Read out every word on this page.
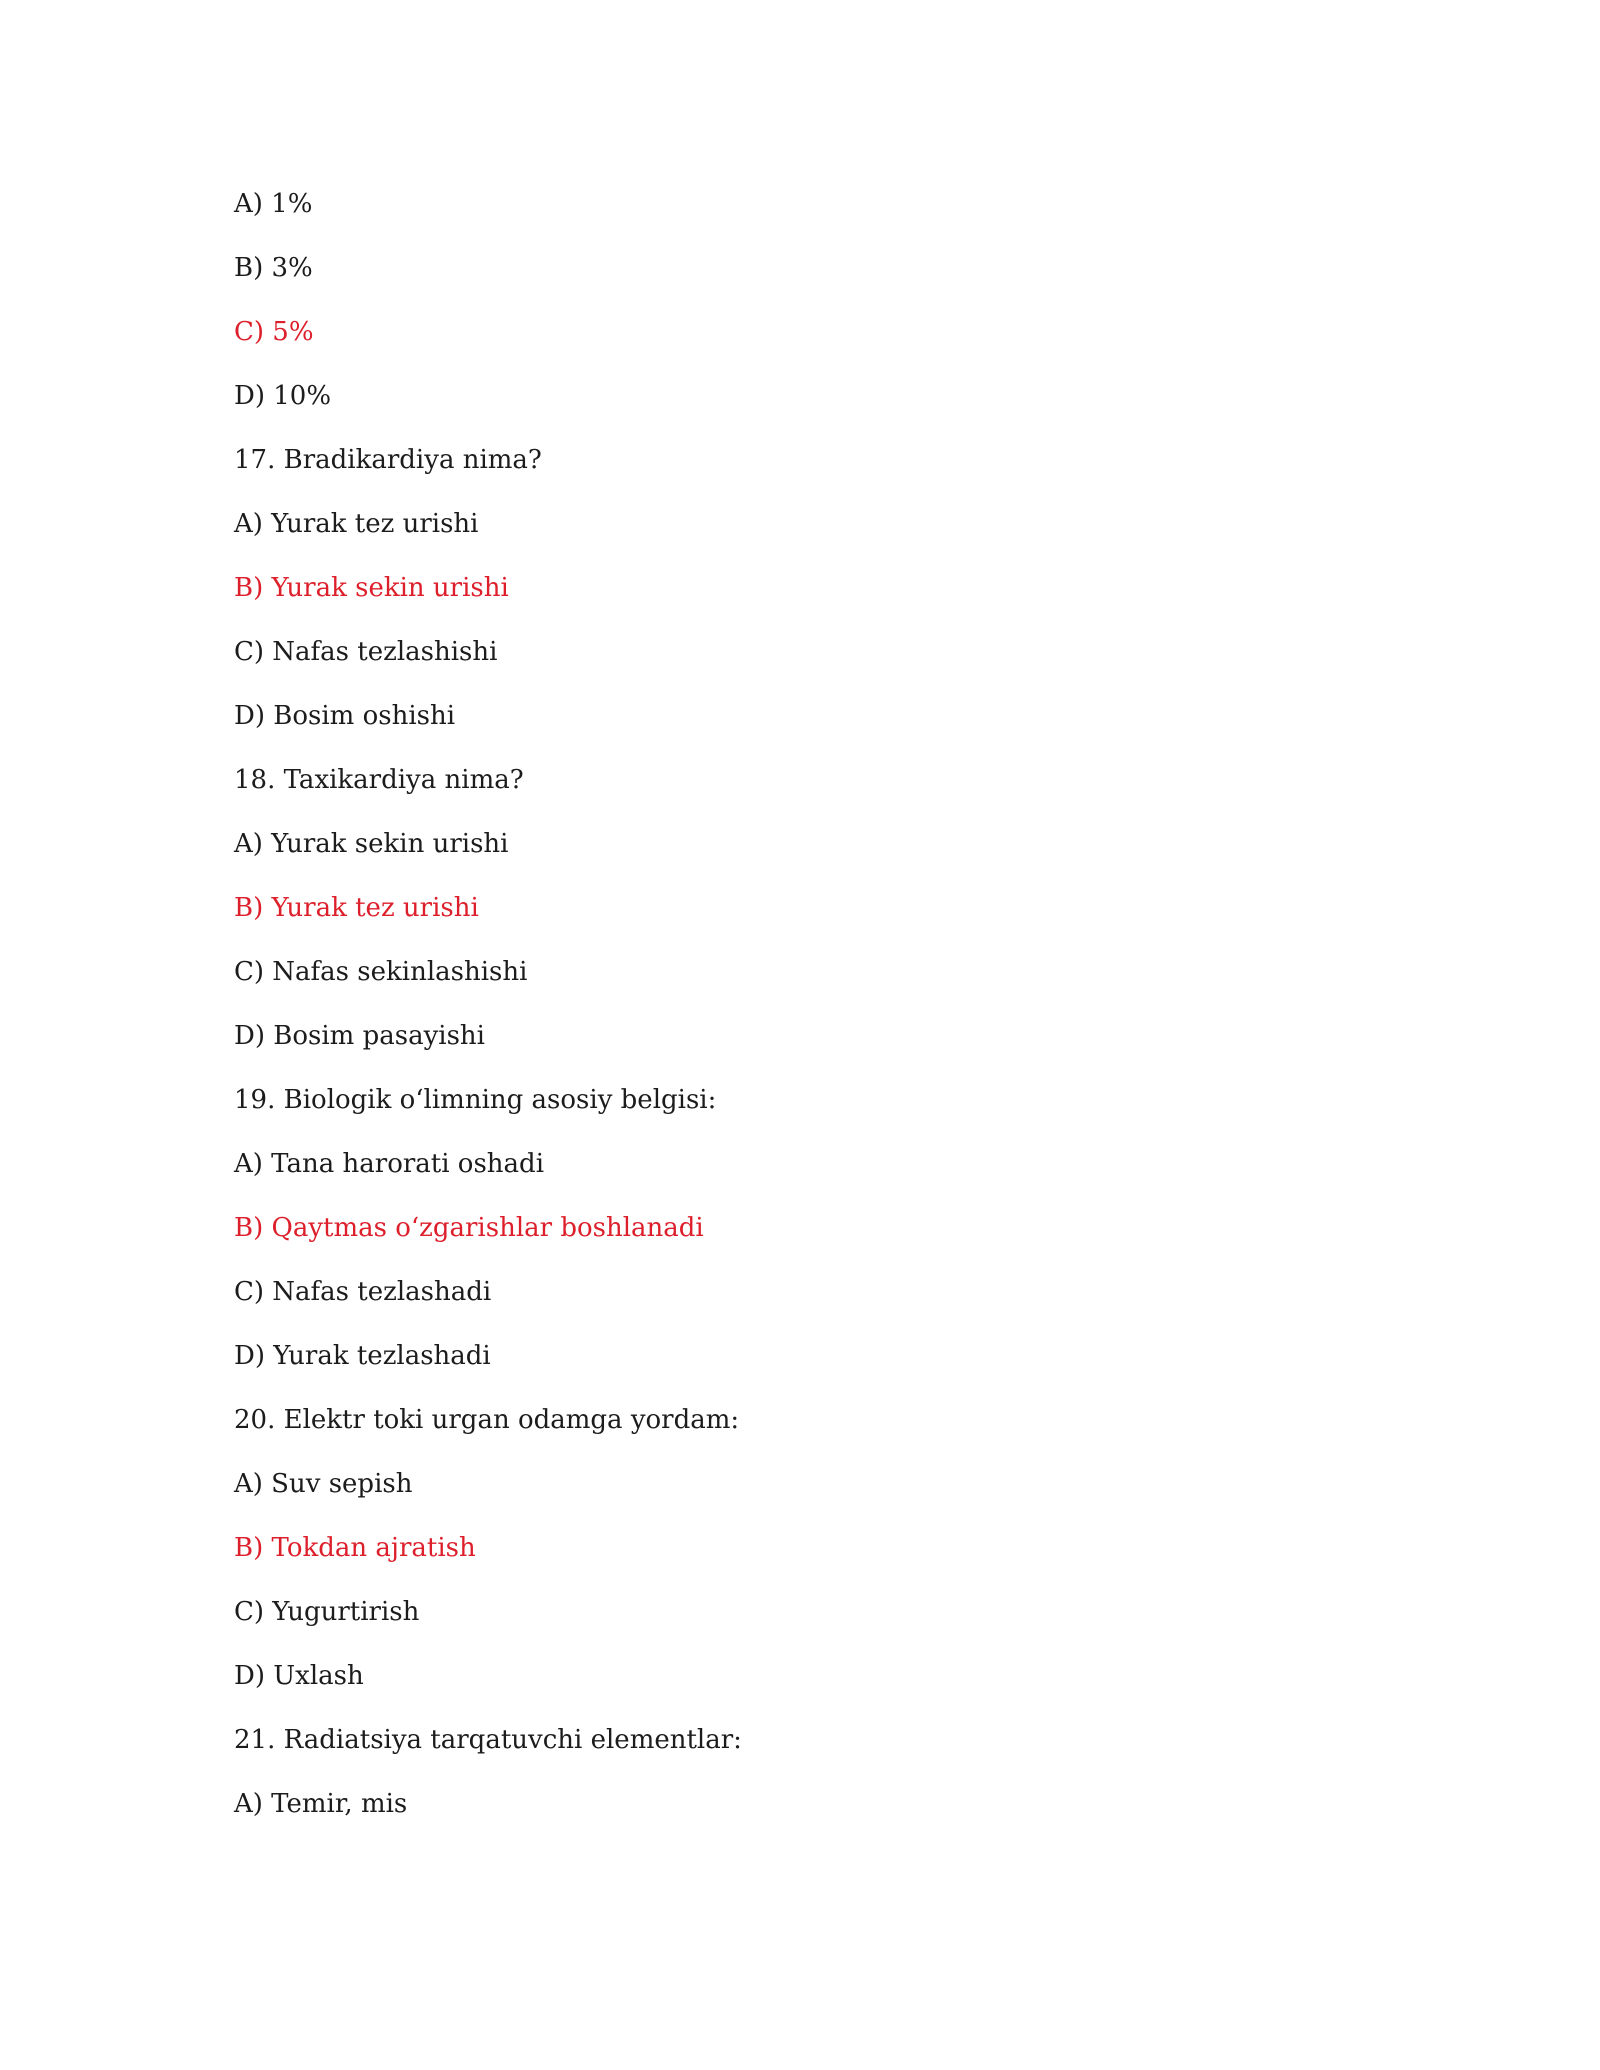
A) 1%
B) 3%
C) 5%
D) 10%
17. Bradikardiya nima?
A) Yurak tez urishi
B) Yurak sekin urishi
C) Nafas tezlashishi
D) Bosim oshishi
18. Taxikardiya nima?
A) Yurak sekin urishi
B) Yurak tez urishi
C) Nafas sekinlashishi
D) Bosim pasayishi
19. Biologik o‘limning asosiy belgisi:
A) Tana harorati oshadi
B) Qaytmas o‘zgarishlar boshlanadi
C) Nafas tezlashadi
D) Yurak tezlashadi
20. Elektr toki urgan odamga yordam:
A) Suv sepish
B) Tokdan ajratish
C) Yugurtirish
D) Uxlash
21. Radiatsiya tarqatuvchi elementlar:
A) Temir, mis
